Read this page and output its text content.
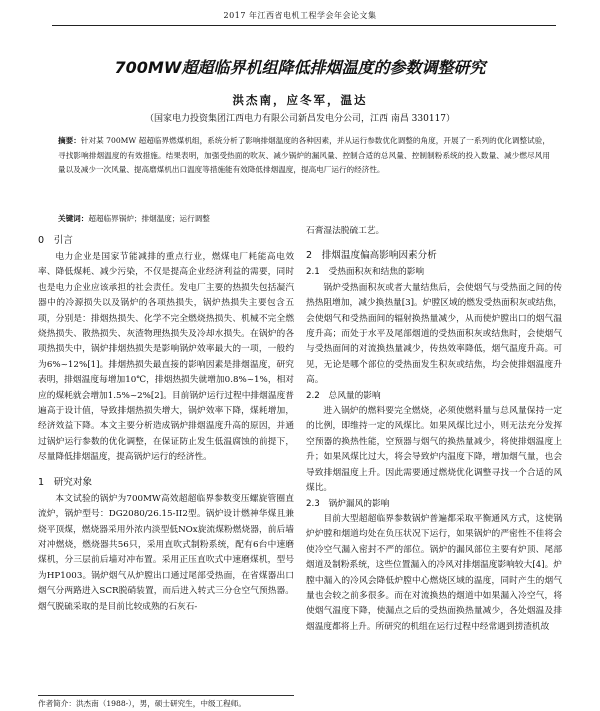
2017 年江西省电机工程学会年会论文集
700MW超超临界机组降低排烟温度的参数调整研究
洪杰南，应冬军，温达
（国家电力投资集团江西电力有限公司新昌发电分公司，江西 南昌 330117）
摘要：针对某 700MW 超超临界燃煤机组，系统分析了影响排烟温度的各种因素，并从运行参数优化调整的角度，开展了一系列的优化调整试验，寻找影响排烟温度的有效措施。结果表明，加强受热面的吹灰、减少锅炉的漏风量、控制合适的总风量、控制制粉系统的投入数量、减少燃尽风用量以及减少一次风量、提高磨煤机出口温度等措施能有效降低排烟温度，提高电厂运行的经济性。
关键词：超超临界锅炉；排烟温度；运行调整
0　引言

电力企业是国家节能减排的重点行业，燃煤电厂耗能高电效率、降低煤耗、减少污染，不仅是提高企业经济利益的需要，同时也是电力企业应该承担的社会责任。发电厂主要的热损失包括凝汽器中的冷源损失以及锅炉的各项热损失，锅炉热损失主要包含五项，分别是：排烟热损失、化学不完全燃烧热损失、机械不完全燃烧热损失、散热损失、灰渣物理热损失及冷却水损失。在锅炉的各项热损失中，锅炉排烟热损失是影响锅炉效率最大的一项，一般约为6%~12%[1]。排烟热损失最直接的影响因素是排烟温度，研究表明，排烟温度每增加10℃，排烟热损失就增加0.8%~1%，相对应的煤耗就会增加1.5%~2%[2]。目前锅炉运行过程中排烟温度普遍高于设计值，导致排烟热损失增大，锅炉效率下降，煤耗增加，经济效益下降。本文主要分析造成锅炉排烟温度升高的原因，并通过锅炉运行参数的优化调整，在保证防止发生低温腐蚀的前提下，尽量降低排烟温度，提高锅炉运行的经济性。

1　研究对象

本文试验的锅炉为700MW高效超超临界参数变压螺旋管圈直流炉，锅炉型号：DG2080/26.15-II2型。锅炉设计燃神华煤且兼烧平顶煤，燃烧器采用外浓内淡型低NOx旋流煤粉燃烧器，前后墙对冲燃烧，燃烧器共56只，采用直吹式制粉系统，配有6台中速磨煤机，分三层前后墙对冲布置。采用正压直吹式中速磨煤机，型号为HP1003。锅炉烟气从炉膛出口通过尾部受热面，在省煤器出口烟气分两路进入SCR脱硝装置，而后进入转式三分仓空气预热器。烟气脱硫采取的是目前比较成熟的石灰石-

作者简介：洪杰南（1988-），男，硕士研究生，中级工程师。

石膏湿法脱硫工艺。

2　排烟温度偏高影响因素分析
2.1　受热面积灰和结焦的影响

锅炉受热面积灰或者大量结焦后，会使烟气与受热面之间的传热热阻增加，减少换热量[3]。炉膛区域的燃发受热面积灰或结焦，会使烟气和受热面间的辐射换热量减少，从而使炉膛出口的烟气温度升高；而处于水平及尾部烟道的受热面积灰或结焦时，会使烟气与受热面间的对流换热量减少，传热效率降低，烟气温度升高。可见，无论是哪个部位的受热面发生积灰或结焦，均会使排烟温度升高。

2.2　总风量的影响

进入锅炉的燃料要完全燃烧，必须使燃料量与总风量保持一定的比例，即维持一定的风煤比。如果风煤比过小，则无法充分发挥空预器的换热性能，空预器与烟气的换热量减少，将使排烟温度上升；如果风煤比过大，将会导致炉内温度下降，增加烟气量，也会导致排烟温度上升。因此需要通过燃烧优化调整寻找一个合适的风煤比。

2.3　锅炉漏风的影响

目前大型超超临界参数锅炉普遍都采取平衡通风方式，这使锅炉炉膛和烟道均处在负压状况下运行，如果锅炉的严密性不佳将会使冷空气漏入密封不严的部位。锅炉的漏风部位主要有炉顶、尾部烟道及制粉系统，这些位置漏入的冷风对排烟温度影响较大[4]。炉膛中漏入的冷风会降低炉膛中心燃烧区域的温度，同时产生的烟气量也会较之前多很多。而在对流换热的烟道中如果漏入冷空气，将使烟气温度下降，使漏点之后的受热面换热量减少，各处烟温及排烟温度都将上升。所研究的机组在运行过程中经常遇到捞渣机故
